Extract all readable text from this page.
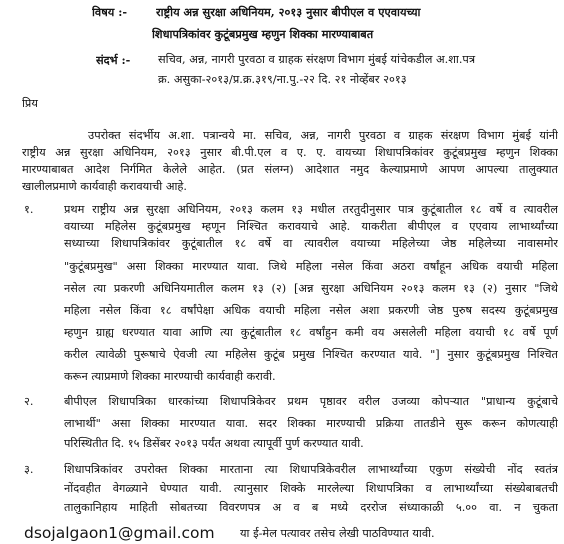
विषय :-	राष्ट्रीय अन्न सुरक्षा अधिनियम, २०१३ नुसार बीपीएल व एएवायच्या
शिधापत्रिकांवर कुटूंबप्रमुख म्हणुन शिक्का मारण्याबाबत
संदर्भ :-	सचिव, अन्न, नागरी पुरवठा व ग्राहक संरक्षण विभाग मुंबई यांचेकडील अ.शा.पत्र
क्र. असुका-२०१३/प्र.क्र.३१९/ना.पु.-२२ दि. २१ नोव्हेंबर २०१३
प्रिय
उपरोक्त संदर्भीय अ.शा. पत्रान्वये मा. सचिव, अन्न, नागरी पुरवठा व ग्राहक संरक्षण विभाग मुंबई यांनी
राष्ट्रीय अन्न सुरक्षा अधिनियम, २०१३ नुसार बी.पी.एल व ए. ए. वायच्या शिधापत्रिकांवर कुटूंबप्रमुख म्हणुन शिक्का
मारण्याबाबत आदेश निर्गमित केलेले आहेत. (प्रत संलग्न) आदेशात नमुद केल्याप्रमाणे आपण आपल्या तालुक्यात
खालीलप्रमाणे कार्यवाही करावयाची आहे.
१.	प्रथम राष्ट्रीय अन्न सुरक्षा अधिनियम, २०१३ कलम १३ मधील तरतुदीनुसार पात्र कुटूंबातील १८ वर्षे व त्यावरील
वयाच्या महिलेस कुटूंबप्रमुख म्हणून निश्चित करावयाचे आहे. याकरीता बीपीएल व एएवाय लाभार्थ्यांच्या
सध्याच्या शिधापत्रिकांवर कुटूंबातील १८ वर्षे वा त्यावरील वयाच्या महिलेच्या जेष्ठ महिलेच्या नावासमोर
"कुटूंबप्रमुख" असा शिक्का मारण्यात यावा. जिथे महिला नसेल किंवा अठरा वर्षांहून अधिक वयाची महिला
नसेल त्या प्रकरणी अधिनियमातील कलम १३ (२) [अन्न सुरक्षा अधिनियम २०१३ कलम १३ (२) नुसार "जिथे
महिला नसेल किंवा १८ वर्षांपेक्षा अधिक वयाची महिला नसेल अशा प्रकरणी जेष्ठ पुरुष सदस्य कुटूंबप्रमुख
म्हणुन ग्राह्य धरण्यात यावा आणि त्या कुटूंबातील १८ वर्षांहुन कमी वय असलेली महिला वयाची १८ वर्षे पूर्ण
करील त्यावेळी पुरूषाचे ऐवजी त्या महिलेस कुटूंब प्रमुख निश्चित करण्यात यावे. "] नुसार कुटूंबप्रमुख निश्चित
करून त्याप्रमाणे शिक्का मारण्याची कार्यवाही करावी.
२.	बीपीएल शिधापत्रिका धारकांच्या शिधापत्रिकेवर प्रथम पृष्ठावर वरील उजव्या कोपऱ्यात "प्राधान्य कुटूंबाचे
लाभार्थी" असा शिक्का मारण्यात यावा. सदर शिक्का मारण्याची प्रक्रिया तातडीने सुरू करून कोणत्याही
परिस्थितीत दि. १५ डिसेंबर २०१३ पर्यंत अथवा त्यापूर्वी पुर्ण करण्यात यावी.
३.	शिधापत्रिकांवर उपरोक्त शिक्का मारताना त्या शिधापत्रिकेवरील लाभार्थ्यांच्या एकुण संख्येची नोंद स्वतंत्र
नोंदवहीत वेगळ्याने घेण्यात यावी. त्यानुसार शिक्के मारलेल्या शिधापत्रिका व लाभार्थ्यांच्या संख्येबाबतची
तालुकानिहाय माहिती सोबतच्या विवरणपत्र अ व ब मध्ये दररोज संध्याकाळी ५.०० वा. न चुकता
dsojalgaon1@gmail.com	या ई-मेल पत्यावर तसेच लेखी पाठविण्यात यावी.
